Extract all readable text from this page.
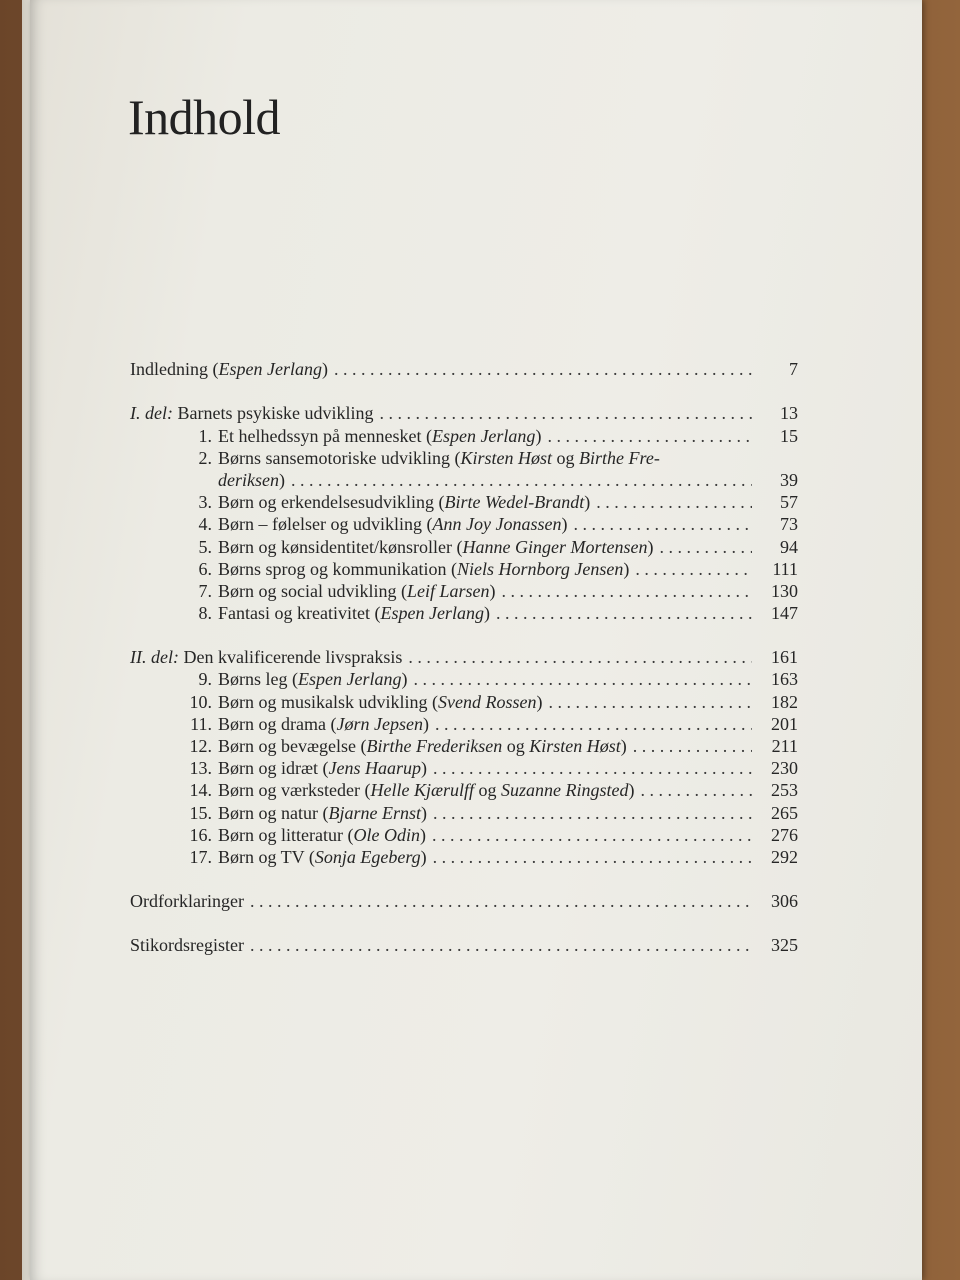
Indhold
Indledning (Espen Jerlang) . . .	7
I. del: Barnets psykiske udvikling . . .	13
1. Et helhedssyn på mennesket (Espen Jerlang) . . .	15
2. Børns sansemotoriske udvikling (Kirsten Høst og Birthe Fre-
deriksen) . . .	39
3. Børn og erkendelsesudvikling (Birte Wedel-Brandt) . . .	57
4. Børn – følelser og udvikling (Ann Joy Jonassen) . . .	73
5. Børn og kønsidentitet/kønsroller (Hanne Ginger Mortensen) . . .	94
6. Børns sprog og kommunikation (Niels Hornborg Jensen) . . .	111
7. Børn og social udvikling (Leif Larsen) . . .	130
8. Fantasi og kreativitet (Espen Jerlang) . . .	147
II. del: Den kvalificerende livspraksis . . .	161
9. Børns leg (Espen Jerlang) . . .	163
10. Børn og musikalsk udvikling (Svend Rossen) . . .	182
11. Børn og drama (Jørn Jepsen) . . .	201
12. Børn og bevægelse (Birthe Frederiksen og Kirsten Høst) . . .	211
13. Børn og idræt (Jens Haarup) . . .	230
14. Børn og værksteder (Helle Kjærulff og Suzanne Ringsted) . . .	253
15. Børn og natur (Bjarne Ernst) . . .	265
16. Børn og litteratur (Ole Odin) . . .	276
17. Børn og TV (Sonja Egeberg) . . .	292
Ordforklaringer . . .	306
Stikordsregister . . .	325
